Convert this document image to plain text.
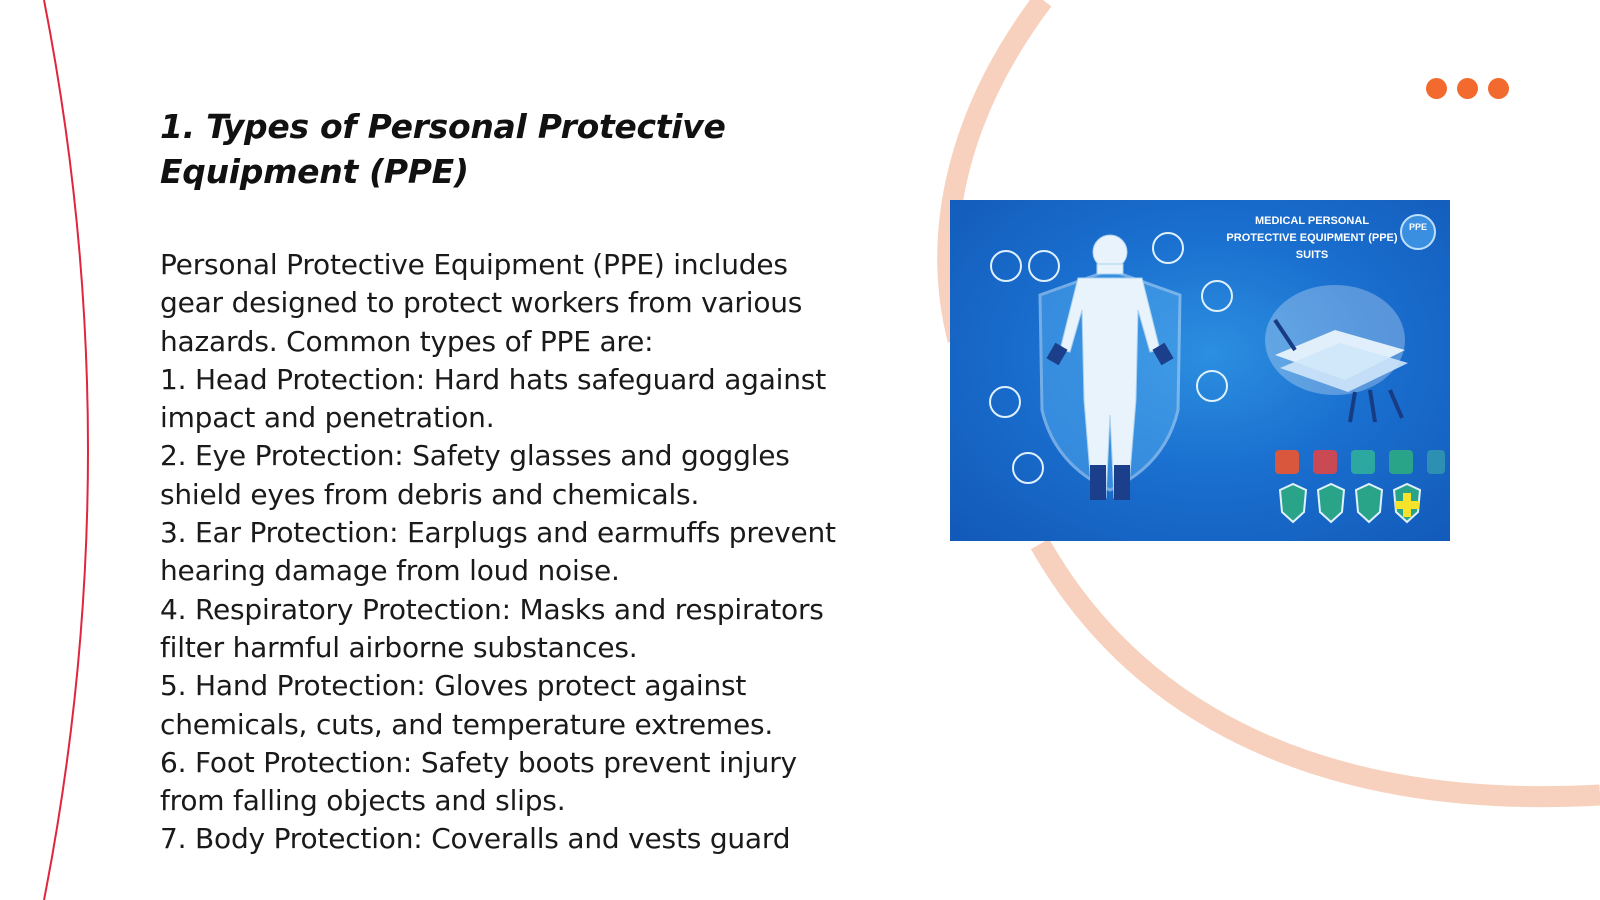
1. Types of Personal Protective Equipment (PPE)

Personal Protective Equipment (PPE) includes gear designed to protect workers from various hazards. Common types of PPE are:

1. Head Protection: Hard hats safeguard against impact and penetration.

2. Eye Protection: Safety glasses and goggles shield eyes from debris and chemicals.

3. Ear Protection: Earplugs and earmuffs prevent hearing damage from loud noise.

4. Respiratory Protection: Masks and respirators filter harmful airborne substances.

5. Hand Protection: Gloves protect against chemicals, cuts, and temperature extremes.

6. Foot Protection: Safety boots prevent injury from falling objects and slips.

7. Body Protection: Coveralls and vests guard

MEDICAL PERSONAL
PROTECTIVE EQUIPMENT (PPE)
SUITS
PPE
